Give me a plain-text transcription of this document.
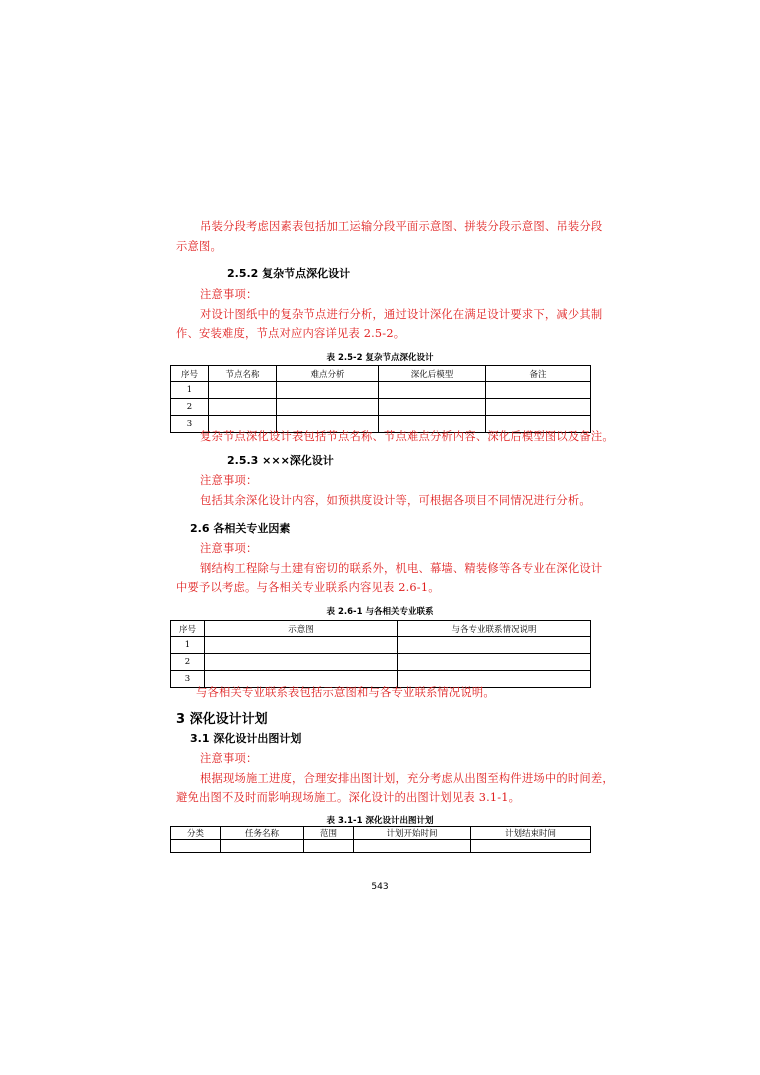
吊装分段考虑因素表包括加工运输分段平面示意图、拼装分段示意图、吊装分段
示意图。
2.5.2 复杂节点深化设计
注意事项：
对设计图纸中的复杂节点进行分析，通过设计深化在满足设计要求下，减少其制
作、安装难度，节点对应内容详见表 2.5-2。
表 2.5-2 复杂节点深化设计
序号	节点名称	难点分析	深化后模型	备注
1				
2				
3				
复杂节点深化设计表包括节点名称、节点难点分析内容、深化后模型图以及备注。
2.5.3 ×××深化设计
注意事项：
包括其余深化设计内容，如预拱度设计等，可根据各项目不同情况进行分析。
2.6 各相关专业因素
注意事项：
钢结构工程除与土建有密切的联系外，机电、幕墙、精装修等各专业在深化设计
中要予以考虑。与各相关专业联系内容见表 2.6-1。
表 2.6-1 与各相关专业联系
序号	示意图	与各专业联系情况说明
1		
2		
3		
与各相关专业联系表包括示意图和与各专业联系情况说明。
3 深化设计计划
3.1 深化设计出图计划
注意事项：
根据现场施工进度，合理安排出图计划，充分考虑从出图至构件进场中的时间差，
避免出图不及时而影响现场施工。深化设计的出图计划见表 3.1-1。
表 3.1-1 深化设计出图计划
分类	任务名称	范围	计划开始时间	计划结束时间

543
